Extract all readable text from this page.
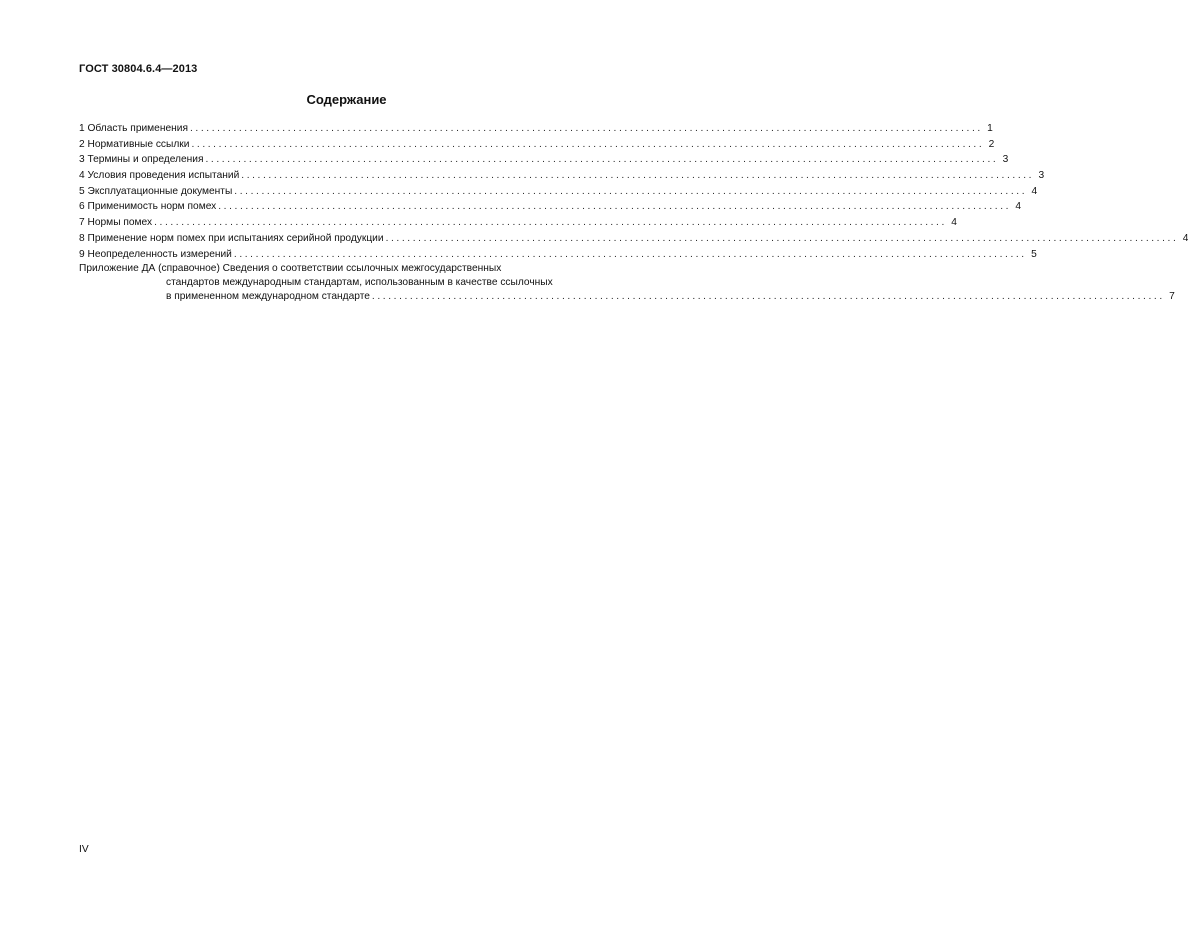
ГОСТ 30804.6.4—2013
Содержание
1 Область применения .................................................................................................................................................. 1
2 Нормативные ссылки .................................................................................................................................................. 2
3 Термины и определения .................................................................................................................................................. 3
4 Условия проведения испытаний .................................................................................................................................................. 3
5 Эксплуатационные документы .................................................................................................................................................. 4
6 Применимость норм помех .................................................................................................................................................. 4
7 Нормы помех .................................................................................................................................................. 4
8 Применение норм помех при испытаниях серийной продукции .................................................................................................................................................. 4
9 Неопределенность измерений .................................................................................................................................................. 5
Приложение ДА (справочное) Сведения о соответствии ссылочных межгосударственных
стандартов международным стандартам, использованным в качестве ссылочных
в примененном международном стандарте .................................................................................................................................................. 7
IV
